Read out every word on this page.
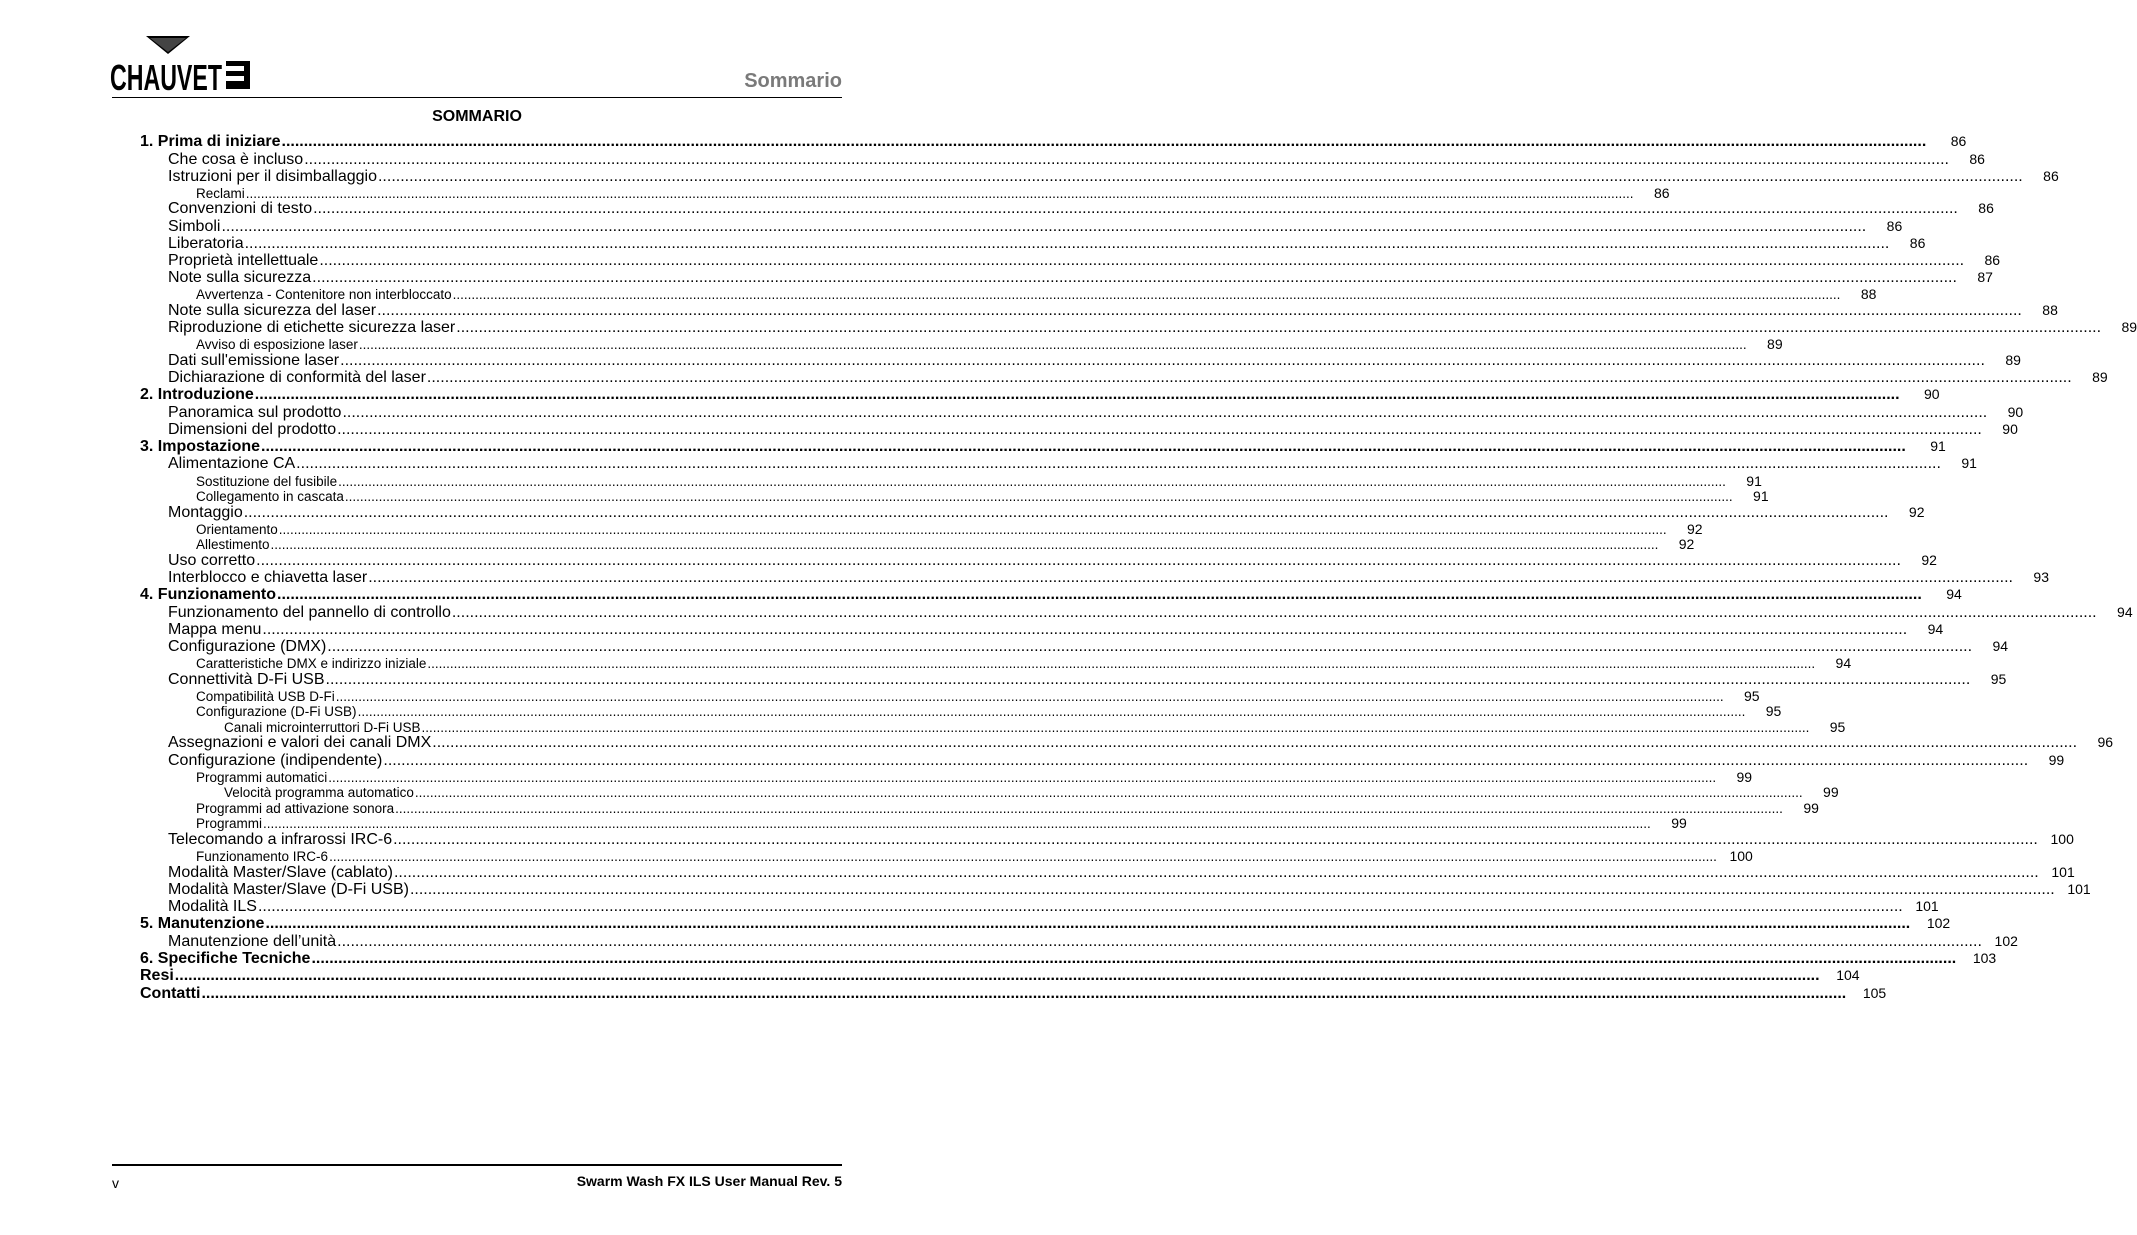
CHAUVET	Sommario
SOMMARIO
1. Prima di iniziare .....	86
Che cosa è incluso .....	86
Istruzioni per il disimballaggio .....	86
Reclami .....	86
Convenzioni di testo .....	86
Simboli .....	86
Liberatoria .....	86
Proprietà intellettuale .....	86
Note sulla sicurezza .....	87
Avvertenza - Contenitore non interbloccato .....	88
Note sulla sicurezza del laser .....	88
Riproduzione di etichette sicurezza laser .....	89
Avviso di esposizione laser .....	89
Dati sull'emissione laser .....	89
Dichiarazione di conformità del laser .....	89
2. Introduzione .....	90
Panoramica sul prodotto .....	90
Dimensioni del prodotto .....	90
3. Impostazione .....	91
Alimentazione CA .....	91
Sostituzione del fusibile .....	91
Collegamento in cascata .....	91
Montaggio .....	92
Orientamento .....	92
Allestimento .....	92
Uso corretto .....	92
Interblocco e chiavetta laser .....	93
4. Funzionamento .....	94
Funzionamento del pannello di controllo .....	94
Mappa menu .....	94
Configurazione (DMX) .....	94
Caratteristiche DMX e indirizzo iniziale .....	94
Connettività D-Fi USB .....	95
Compatibilità USB D-Fi .....	95
Configurazione (D-Fi USB) .....	95
Canali microinterruttori D-Fi USB .....	95
Assegnazioni e valori dei canali DMX .....	96
Configurazione (indipendente) .....	99
Programmi automatici .....	99
Velocità programma automatico .....	99
Programmi ad attivazione sonora .....	99
Programmi .....	99
Telecomando a infrarossi IRC-6 .....	100
Funzionamento IRC-6 .....	100
Modalità Master/Slave (cablato) .....	101
Modalità Master/Slave (D-Fi USB) .....	101
Modalità ILS .....	101
5. Manutenzione .....	102
Manutenzione dell’unità .....	102
6. Specifiche Tecniche .....	103
Resi .....	104
Contatti .....	105
v	Swarm Wash FX ILS User Manual Rev. 5
